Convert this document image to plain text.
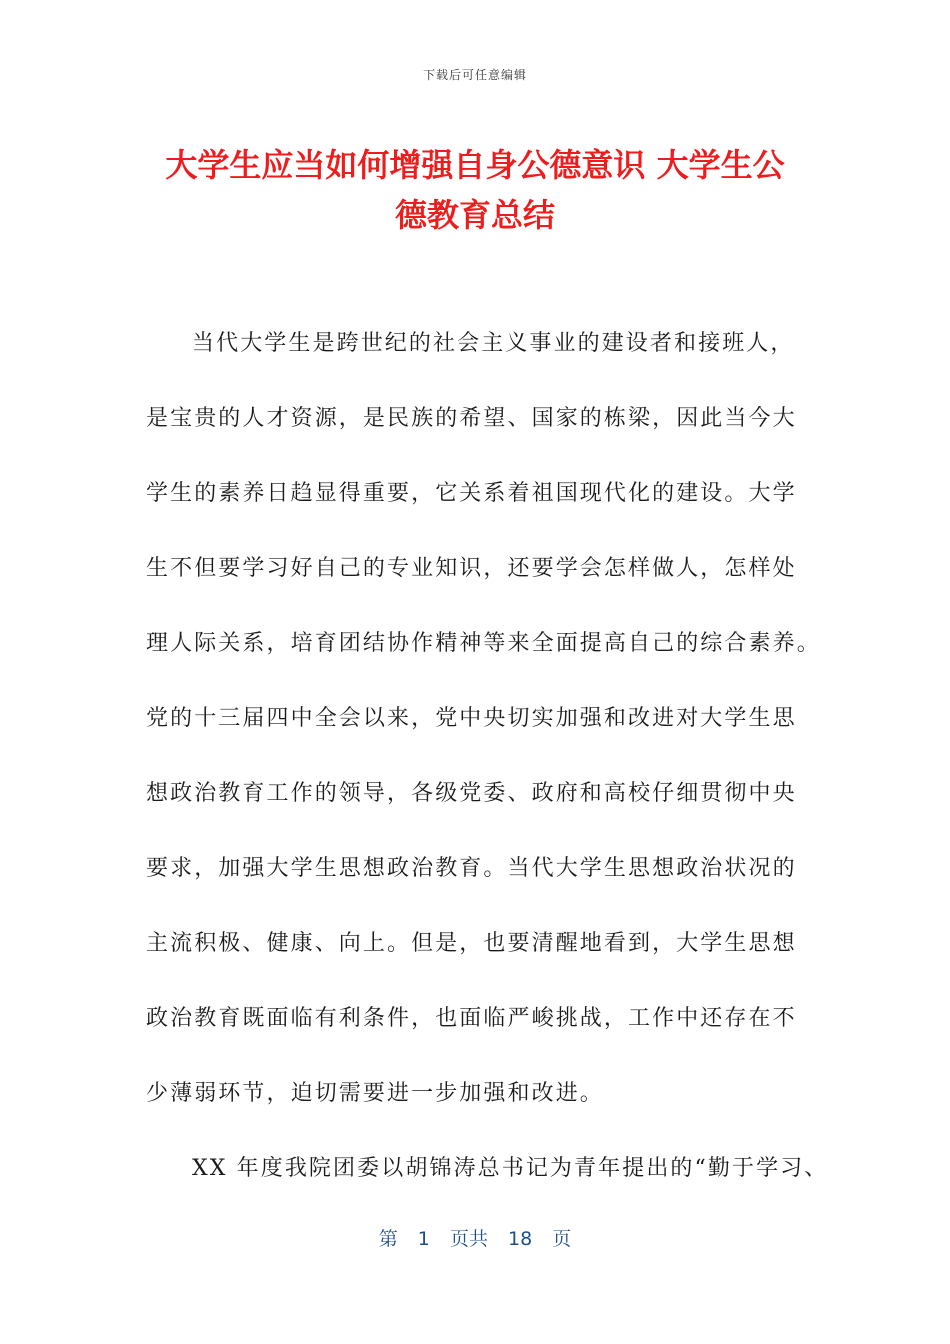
下载后可任意编辑
大学生应当如何增强自身公德意识 大学生公
德教育总结
当代大学生是跨世纪的社会主义事业的建设者和接班人，
是宝贵的人才资源，是民族的希望、国家的栋梁，因此当今大
学生的素养日趋显得重要，它关系着祖国现代化的建设。大学
生不但要学习好自己的专业知识，还要学会怎样做人，怎样处
理人际关系，培育团结协作精神等来全面提高自己的综合素养。
党的十三届四中全会以来，党中央切实加强和改进对大学生思
想政治教育工作的领导，各级党委、政府和高校仔细贯彻中央
要求，加强大学生思想政治教育。当代大学生思想政治状况的
主流积极、健康、向上。但是，也要清醒地看到，大学生思想
政治教育既面临有利条件，也面临严峻挑战，工作中还存在不
少薄弱环节，迫切需要进一步加强和改进。
XX 年度我院团委以胡锦涛总书记为青年提出的“勤于学习、
第 1 页共 18 页
